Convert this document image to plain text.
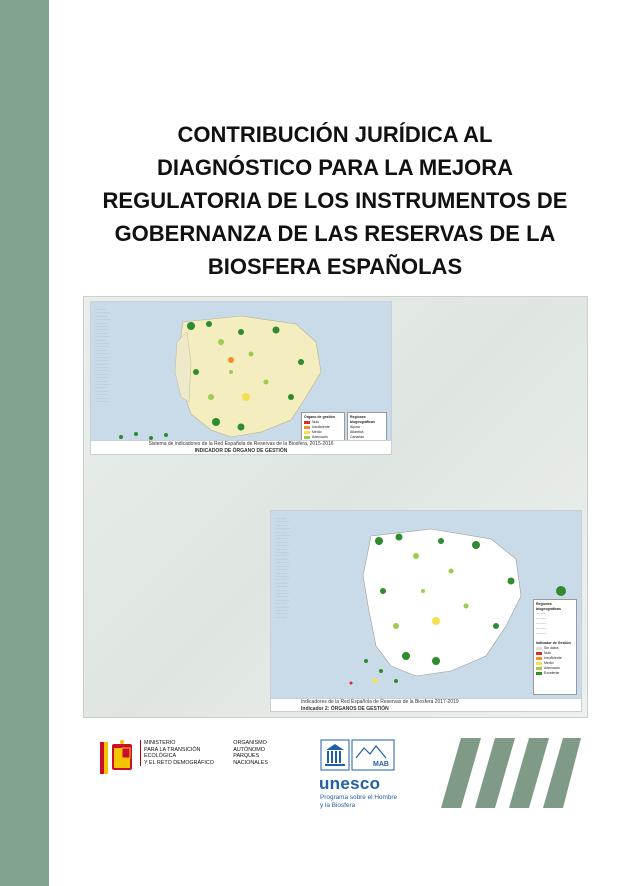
CONTRIBUCIÓN JURÍDICA AL
DIAGNÓSTICO PARA LA MEJORA
REGULATORIA DE LOS INSTRUMENTOS DE
GOBERNANZA DE LAS RESERVAS DE LA
BIOSFERA ESPAÑOLAS
·············
·················
···············
··················
··············
·················
················
···············
·················
··············
················
·················
··············
················
·················
···············
··············
················
·················
···············
················
··············
·················
···············
················
··············
·················
···············
Órgano de gestión
Nulo
Insuficiente
Medio
Adecuado
Regiones biogeográficas
Alpina
Atlántica
Canarias
Sistema de indicadores de la Red Española de Reservas de la Biosfera, 2015-2016
INDICADOR DE ÓRGANO DE GESTIÓN
·············
·················
···············
··················
··············
·················
················
···············
·················
··············
················
·················
··············
················
·················
···············
··············
················
·················
···············
················
··············
·················
···············
················
··············
·················
···············
················
··············
Regiones biogeográficas
·········
·········
·········
·········
·········
Indicador de Gestión
Sin datos
Nulo
Insuficiente
Medio
Adecuado
Excelente
Indicadores de la Red Española de Reservas de la Biosfera 2017-2019
Indicador 2: ÓRGANOS DE GESTIÓN
MINISTERIO
PARA LA TRANSICIÓN ECOLÓGICA
Y EL RETO DEMOGRÁFICO
ORGANISMO
AUTÓNOMO
PARQUES
NACIONALES	MAB
unesco
Programa sobre el Hombre
y la Biosfera
